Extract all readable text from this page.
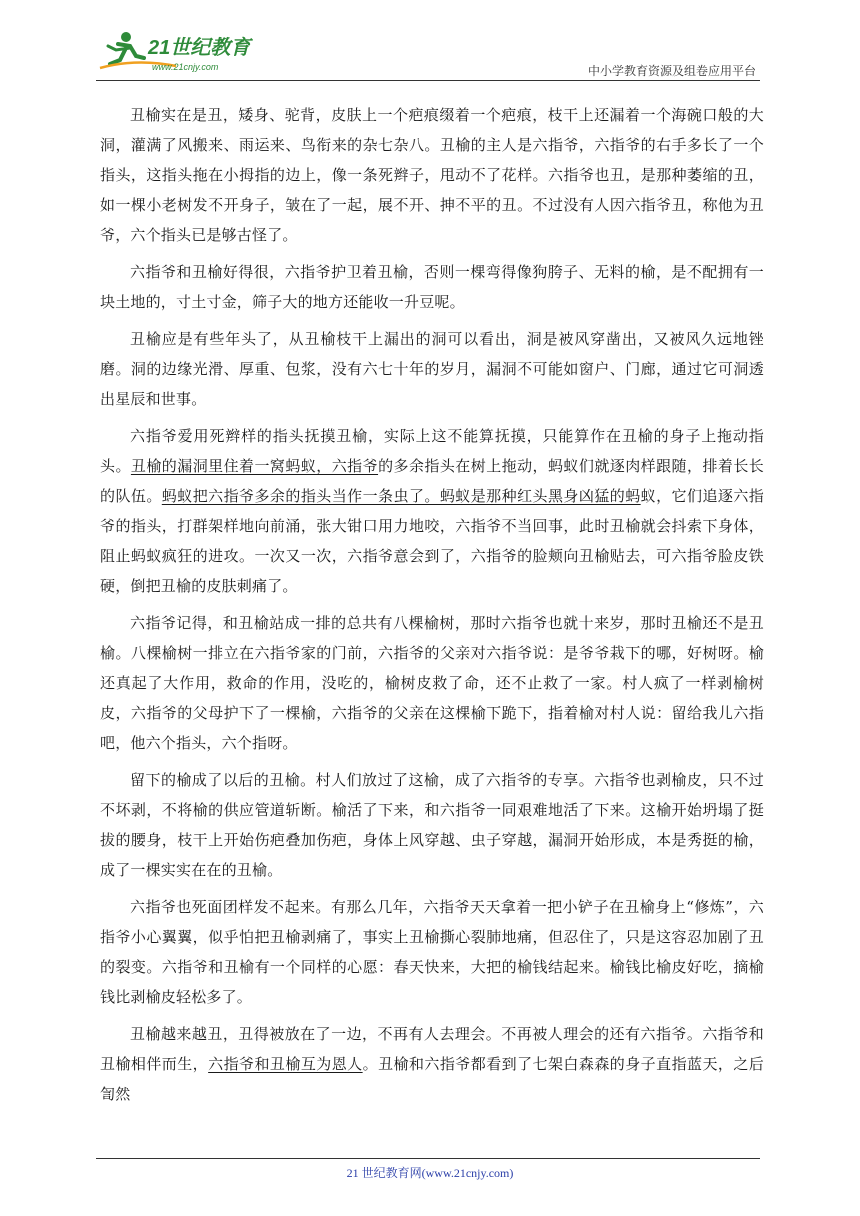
21世纪教育
www.21cnjy.com	中小学教育资源及组卷应用平台

丑榆实在是丑，矮身、驼背，皮肤上一个疤痕缀着一个疤痕，枝干上还漏着一个海碗口般的大洞，灌满了风搬来、雨运来、鸟衔来的杂七杂八。丑榆的主人是六指爷，六指爷的右手多长了一个指头，这指头拖在小拇指的边上，像一条死辫子，甩动不了花样。六指爷也丑，是那种萎缩的丑，如一棵小老树发不开身子，皱在了一起，展不开、抻不平的丑。不过没有人因六指爷丑，称他为丑爷，六个指头已是够古怪了。

六指爷和丑榆好得很，六指爷护卫着丑榆，否则一棵弯得像狗胯子、无料的榆，是不配拥有一块土地的，寸土寸金，筛子大的地方还能收一升豆呢。

丑榆应是有些年头了，从丑榆枝干上漏出的洞可以看出，洞是被风穿凿出，又被风久远地锉磨。洞的边缘光滑、厚重、包浆，没有六七十年的岁月，漏洞不可能如窗户、门廊，通过它可洞透出星辰和世事。

六指爷爱用死辫样的指头抚摸丑榆，实际上这不能算抚摸，只能算作在丑榆的身子上拖动指头。丑榆的漏洞里住着一窝蚂蚁，六指爷的多余指头在树上拖动，蚂蚁们就逐肉样跟随，排着长长的队伍。蚂蚁把六指爷多余的指头当作一条虫了。蚂蚁是那种红头黑身凶猛的蚂蚁，它们追逐六指爷的指头，打群架样地向前涌，张大钳口用力地咬，六指爷不当回事，此时丑榆就会抖索下身体，阻止蚂蚁疯狂的进攻。一次又一次，六指爷意会到了，六指爷的脸颊向丑榆贴去，可六指爷脸皮铁硬，倒把丑榆的皮肤刺痛了。

六指爷记得，和丑榆站成一排的总共有八棵榆树，那时六指爷也就十来岁，那时丑榆还不是丑榆。八棵榆树一排立在六指爷家的门前，六指爷的父亲对六指爷说：是爷爷栽下的哪，好树呀。榆还真起了大作用，救命的作用，没吃的，榆树皮救了命，还不止救了一家。村人疯了一样剥榆树皮，六指爷的父母护下了一棵榆，六指爷的父亲在这棵榆下跪下，指着榆对村人说：留给我儿六指吧，他六个指头，六个指呀。

留下的榆成了以后的丑榆。村人们放过了这榆，成了六指爷的专享。六指爷也剥榆皮，只不过不坏剥，不将榆的供应管道斩断。榆活了下来，和六指爷一同艰难地活了下来。这榆开始坍塌了挺拔的腰身，枝干上开始伤疤叠加伤疤，身体上风穿越、虫子穿越，漏洞开始形成，本是秀挺的榆，成了一棵实实在在的丑榆。

六指爷也死面团样发不起来。有那么几年，六指爷天天拿着一把小铲子在丑榆身上“修炼”，六指爷小心翼翼，似乎怕把丑榆剥痛了，事实上丑榆撕心裂肺地痛，但忍住了，只是这容忍加剧了丑的裂变。六指爷和丑榆有一个同样的心愿：春天快来，大把的榆钱结起来。榆钱比榆皮好吃，摘榆钱比剥榆皮轻松多了。

丑榆越来越丑，丑得被放在了一边，不再有人去理会。不再被人理会的还有六指爷。六指爷和丑榆相伴而生，六指爷和丑榆互为恩人。丑榆和六指爷都看到了七架白森森的身子直指蓝天，之后訇然

21 世纪教育网(www.21cnjy.com)
